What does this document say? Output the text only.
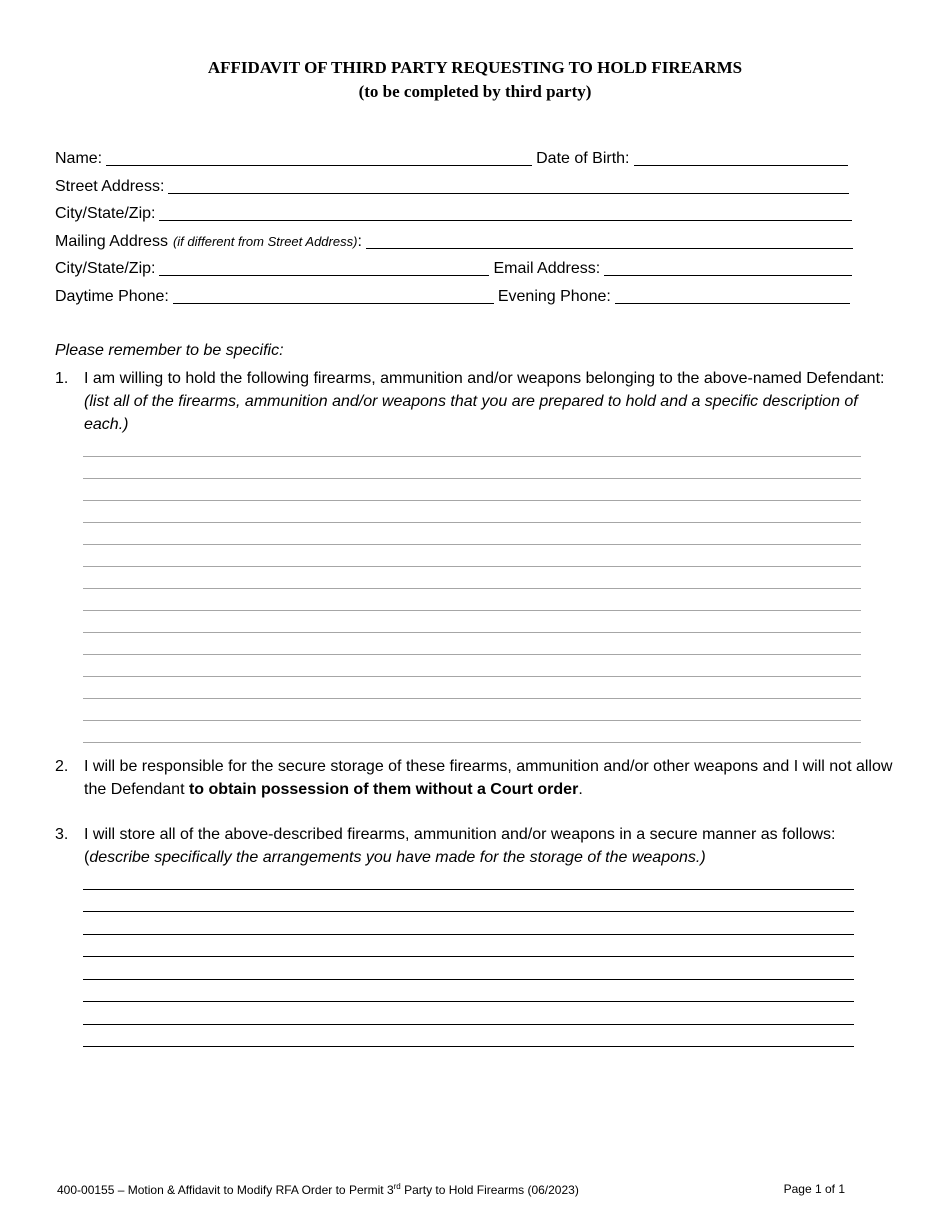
AFFIDAVIT OF THIRD PARTY REQUESTING TO HOLD FIREARMS
(to be completed by third party)
Name:	Date of Birth:
Street Address:
City/State/Zip:
Mailing Address (if different from Street Address) :
City/State/Zip:	Email Address:
Daytime Phone:	Evening Phone:
Please remember to be specific:
1. I am willing to hold the following firearms, ammunition and/or weapons belonging to the above-named Defendant: (list all of the firearms, ammunition and/or weapons that you are prepared to hold and a specific description of each.)
2. I will be responsible for the secure storage of these firearms, ammunition and/or other weapons and I will not allow the Defendant to obtain possession of them without a Court order.
3. I will store all of the above-described firearms, ammunition and/or weapons in a secure manner as follows: (describe specifically the arrangements you have made for the storage of the weapons.)
400-00155 – Motion & Affidavit to Modify RFA Order to Permit 3rd Party to Hold Firearms (06/2023)	Page 1 of 1
